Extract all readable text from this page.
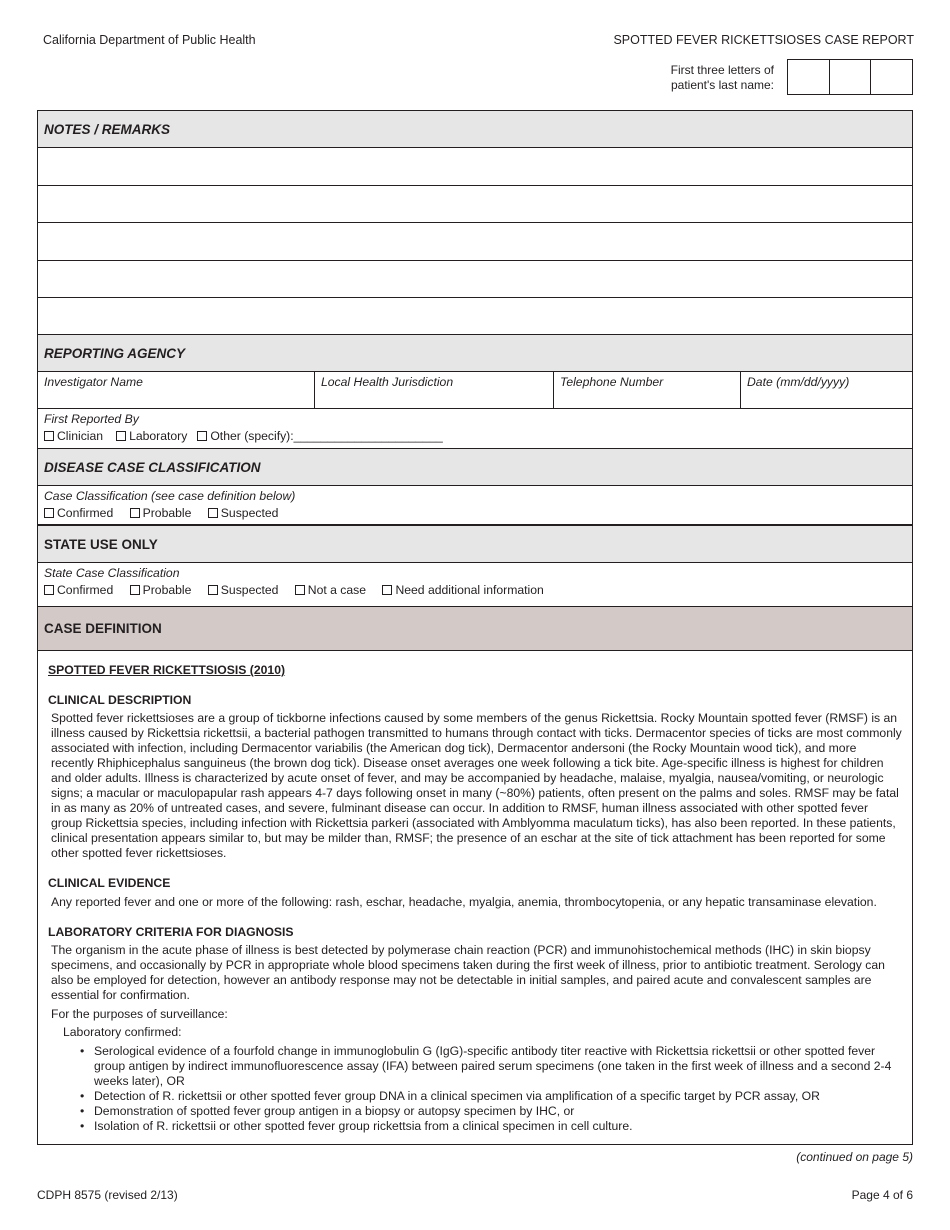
California Department of Public Health	SPOTTED FEVER RICKETTSIOSES CASE REPORT
First three letters of patient's last name:
NOTES / REMARKS
REPORTING AGENCY
Investigator Name	Local Health Jurisdiction	Telephone Number	Date (mm/dd/yyyy)
First Reported By
Clinician Laboratory Other (specify):______________________
DISEASE CASE CLASSIFICATION
Case Classification (see case definition below)
Confirmed Probable Suspected
STATE USE ONLY
State Case Classification
Confirmed Probable Suspected Not a case Need additional information
CASE DEFINITION
SPOTTED FEVER RICKETTSIOSIS (2010)
CLINICAL DESCRIPTION

Spotted fever rickettsioses are a group of tickborne infections caused by some members of the genus Rickettsia. Rocky Mountain spotted fever (RMSF) is an illness caused by Rickettsia rickettsii, a bacterial pathogen transmitted to humans through contact with ticks. Dermacentor species of ticks are most commonly associated with infection, including Dermacentor variabilis (the American dog tick), Dermacentor andersoni (the Rocky Mountain wood tick), and more recently Rhiphicephalus sanguineus (the brown dog tick). Disease onset averages one week following a tick bite. Age-specific illness is highest for children and older adults. Illness is characterized by acute onset of fever, and may be accompanied by headache, malaise, myalgia, nausea/vomiting, or neurologic signs; a macular or maculopapular rash appears 4-7 days following onset in many (~80%) patients, often present on the palms and soles. RMSF may be fatal in as many as 20% of untreated cases, and severe, fulminant disease can occur. In addition to RMSF, human illness associated with other spotted fever group Rickettsia species, including infection with Rickettsia parkeri (associated with Amblyomma maculatum ticks), has also been reported. In these patients, clinical presentation appears similar to, but may be milder than, RMSF; the presence of an eschar at the site of tick attachment has been reported for some other spotted fever rickettsioses.

CLINICAL EVIDENCE

Any reported fever and one or more of the following: rash, eschar, headache, myalgia, anemia, thrombocytopenia, or any hepatic transaminase elevation.

LABORATORY CRITERIA FOR DIAGNOSIS

The organism in the acute phase of illness is best detected by polymerase chain reaction (PCR) and immunohistochemical methods (IHC) in skin biopsy specimens, and occasionally by PCR in appropriate whole blood specimens taken during the first week of illness, prior to antibiotic treatment. Serology can also be employed for detection, however an antibody response may not be detectable in initial samples, and paired acute and convalescent samples are essential for confirmation.

For the purposes of surveillance:

Laboratory confirmed:

• Serological evidence of a fourfold change in immunoglobulin G (IgG)-specific antibody titer reactive with Rickettsia rickettsii or other spotted fever group antigen by indirect immunofluorescence assay (IFA) between paired serum specimens (one taken in the first week of illness and a second 2-4 weeks later), OR
• Detection of R. rickettsii or other spotted fever group DNA in a clinical specimen via amplification of a specific target by PCR assay, OR
• Demonstration of spotted fever group antigen in a biopsy or autopsy specimen by IHC, or
• Isolation of R. rickettsii or other spotted fever group rickettsia from a clinical specimen in cell culture.
(continued on page 5)
CDPH 8575 (revised 2/13)	Page 4 of 6
